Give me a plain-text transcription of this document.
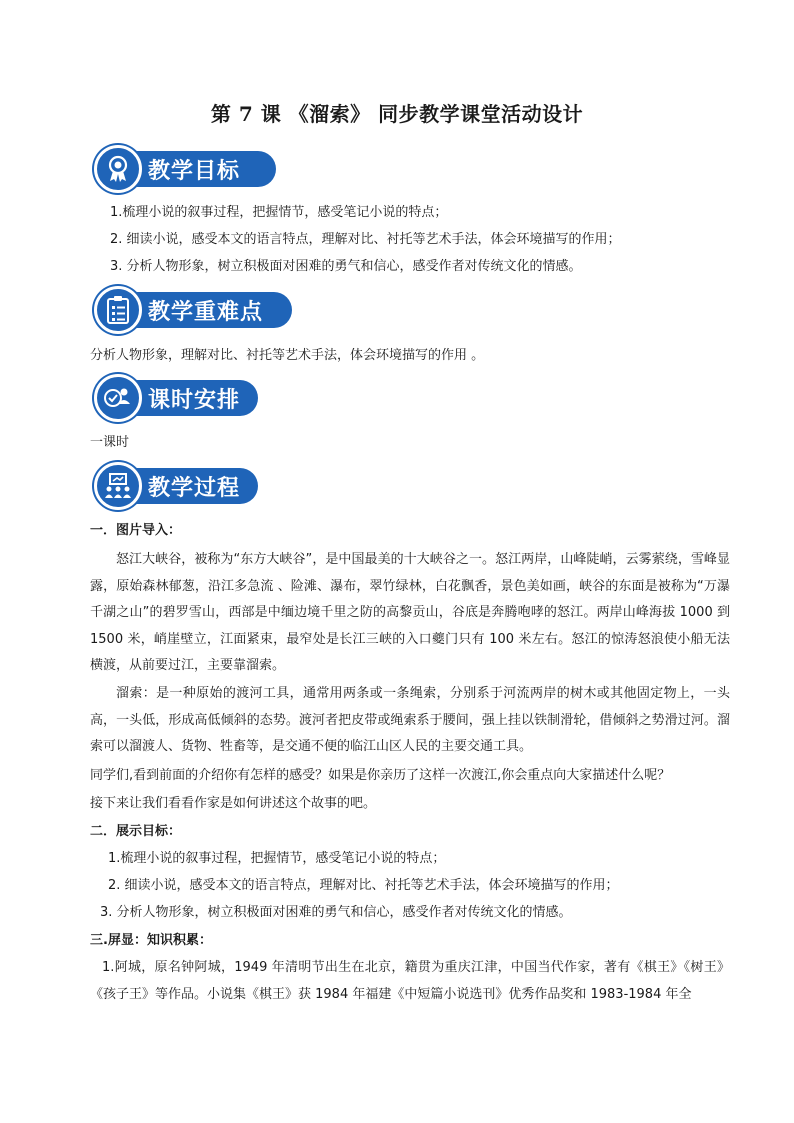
第 7 课 《溜索》 同步教学课堂活动设计
教学目标
1.梳理小说的叙事过程，把握情节，感受笔记小说的特点；
2. 细读小说，感受本文的语言特点，理解对比、衬托等艺术手法，体会环境描写的作用；
3. 分析人物形象，树立积极面对困难的勇气和信心，感受作者对传统文化的情感。
教学重难点
分析人物形象，理解对比、衬托等艺术手法，体会环境描写的作用 。
课时安排
一课时
教学过程
一．图片导入：
怒江大峡谷，被称为“东方大峡谷”，是中国最美的十大峡谷之一。怒江两岸，山峰陡峭，云雾萦绕，雪峰显露，原始森林郁葱，沿江多急流 、险滩、瀑布，翠竹绿林，白花飘香，景色美如画，峡谷的东面是被称为“万瀑千湖之山”的碧罗雪山，西部是中缅边境千里之防的高黎贡山，谷底是奔腾咆哮的怒江。两岸山峰海拔 1000 到 1500 米，峭崖壁立，江面紧束，最窄处是长江三峡的入口夔门只有 100 米左右。怒江的惊涛怒浪使小船无法横渡，从前要过江，主要靠溜索。
溜索：是一种原始的渡河工具，通常用两条或一条绳索，分别系于河流两岸的树木或其他固定物上，一头高，一头低，形成高低倾斜的态势。渡河者把皮带或绳索系于腰间，强上挂以铁制滑轮，借倾斜之势滑过河。溜索可以溜渡人、货物、牲畜等，是交通不便的临江山区人民的主要交通工具。
同学们,看到前面的介绍你有怎样的感受？如果是你亲历了这样一次渡江,你会重点向大家描述什么呢？
接下来让我们看看作家是如何讲述这个故事的吧。
二．展示目标：
1.梳理小说的叙事过程，把握情节，感受笔记小说的特点；
2. 细读小说，感受本文的语言特点，理解对比、衬托等艺术手法，体会环境描写的作用；
3. 分析人物形象，树立积极面对困难的勇气和信心，感受作者对传统文化的情感。
三.屏显：知识积累：
1.阿城，原名钟阿城，1949 年清明节出生在北京，籍贯为重庆江津，中国当代作家，著有《棋王》《树王》《孩子王》等作品。小说集《棋王》获 1984 年福建《中短篇小说选刊》优秀作品奖和 1983-1984 年全
